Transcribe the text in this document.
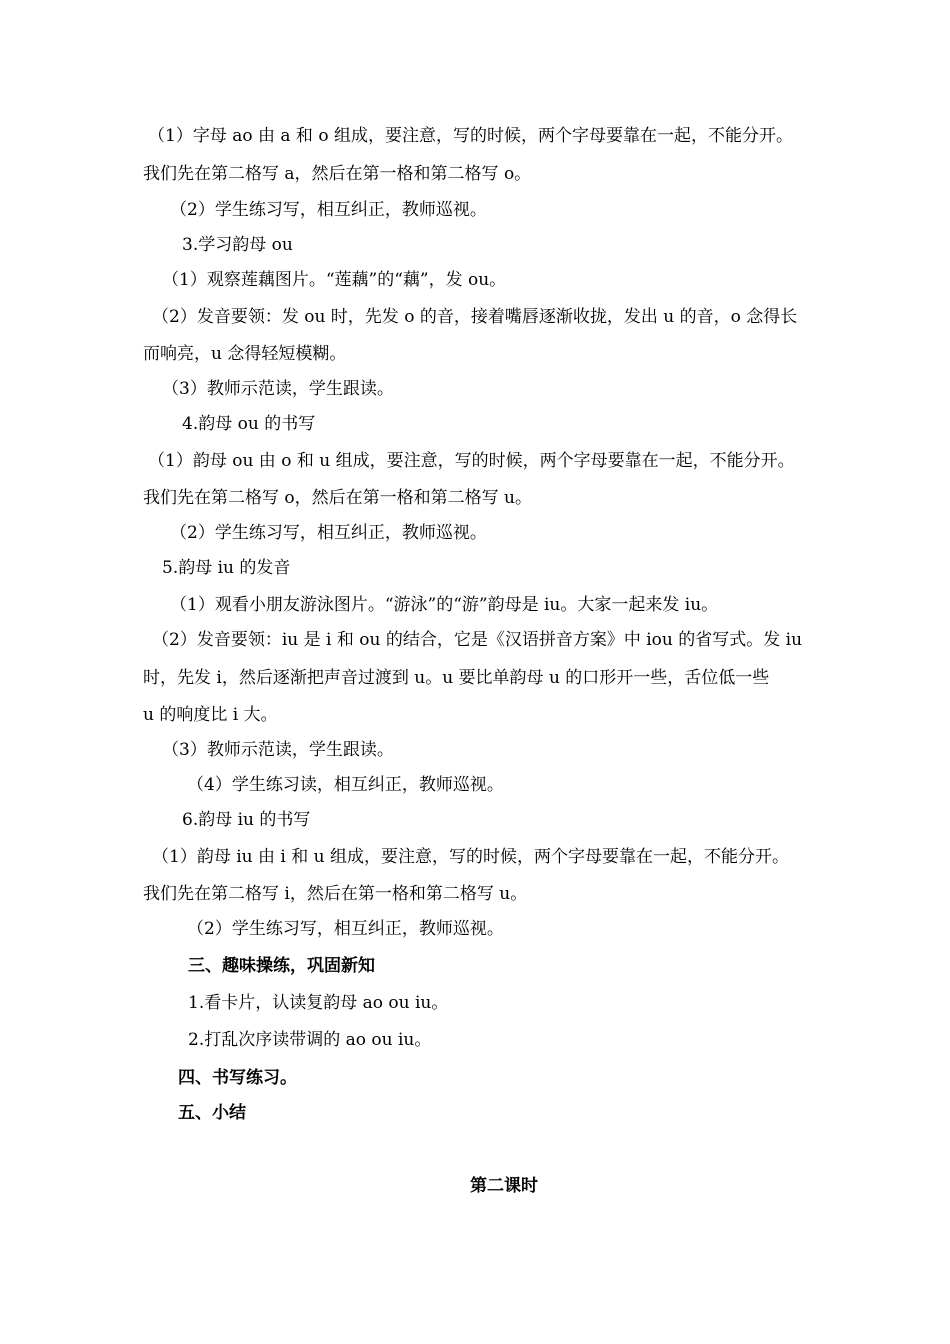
（1）字母 ao 由 a 和 o 组成，要注意，写的时候，两个字母要靠在一起，不能分开。
我们先在第二格写 a，然后在第一格和第二格写 o。
（2）学生练习写，相互纠正，教师巡视。
3.学习韵母 ou
（1）观察莲藕图片。“莲藕”的“藕”，发 ou。
（2）发音要领：发 ou 时，先发 o 的音，接着嘴唇逐渐收拢，发出 u 的音，o 念得长
而响亮，u 念得轻短模糊。
（3）教师示范读，学生跟读。
4.韵母 ou 的书写
（1）韵母 ou 由 o 和 u 组成，要注意，写的时候，两个字母要靠在一起，不能分开。
我们先在第二格写 o，然后在第一格和第二格写 u。
（2）学生练习写，相互纠正，教师巡视。
5.韵母 iu 的发音
（1）观看小朋友游泳图片。“游泳”的“游”韵母是 iu。大家一起来发 iu。
（2）发音要领：iu 是 i 和 ou 的结合，它是《汉语拼音方案》中 iou 的省写式。发 iu
时，先发 i，然后逐渐把声音过渡到 u。u 要比单韵母 u 的口形开一些，舌位低一些
u 的响度比 i 大。
（3）教师示范读，学生跟读。
（4）学生练习读，相互纠正，教师巡视。
6.韵母 iu 的书写
（1）韵母 iu 由 i 和 u 组成，要注意，写的时候，两个字母要靠在一起，不能分开。
我们先在第二格写 i，然后在第一格和第二格写 u。
（2）学生练习写，相互纠正，教师巡视。
三、趣味操练，巩固新知
1.看卡片，认读复韵母 ao ou iu。
2.打乱次序读带调的 ao ou iu。
四、书写练习。
五、小结
第二课时
